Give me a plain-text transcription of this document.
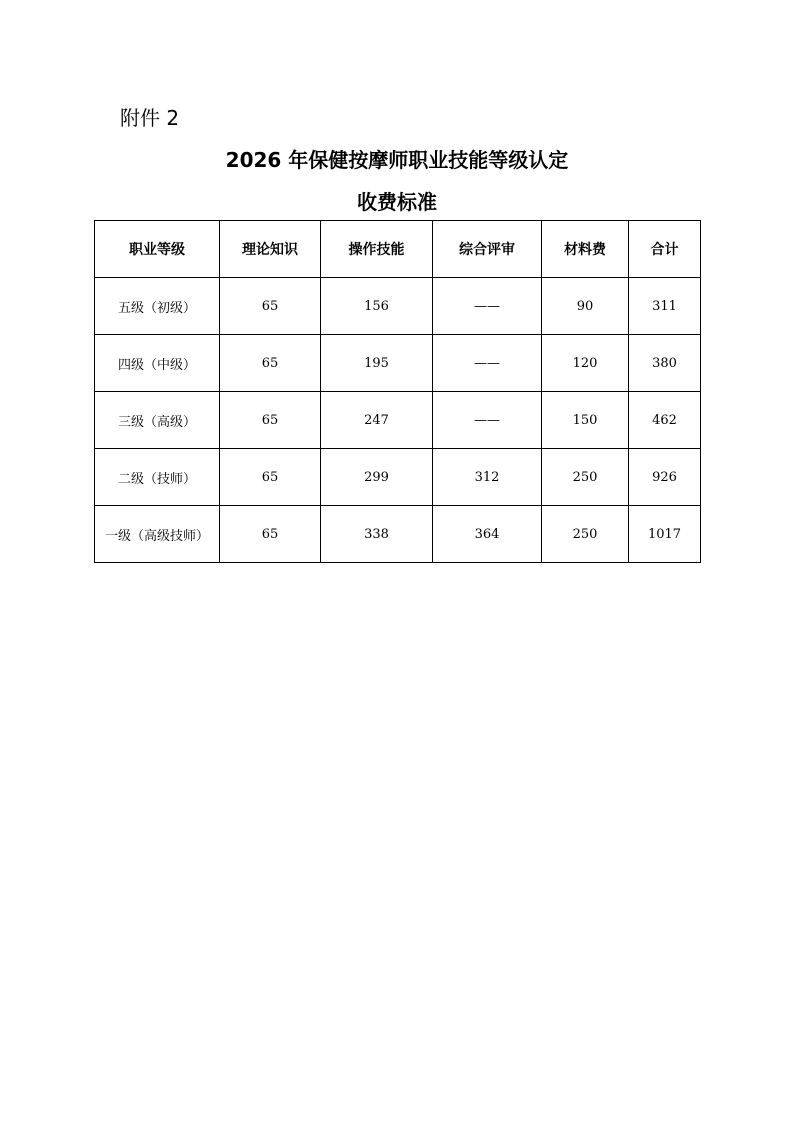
附件 2
2026 年保健按摩师职业技能等级认定
收费标准
职业等级	理论知识	操作技能	综合评审	材料费	合计
五级（初级）	65	156	——	90	311
四级（中级）	65	195	——	120	380
三级（高级）	65	247	——	150	462
二级（技师）	65	299	312	250	926
一级（高级技师）	65	338	364	250	1017
